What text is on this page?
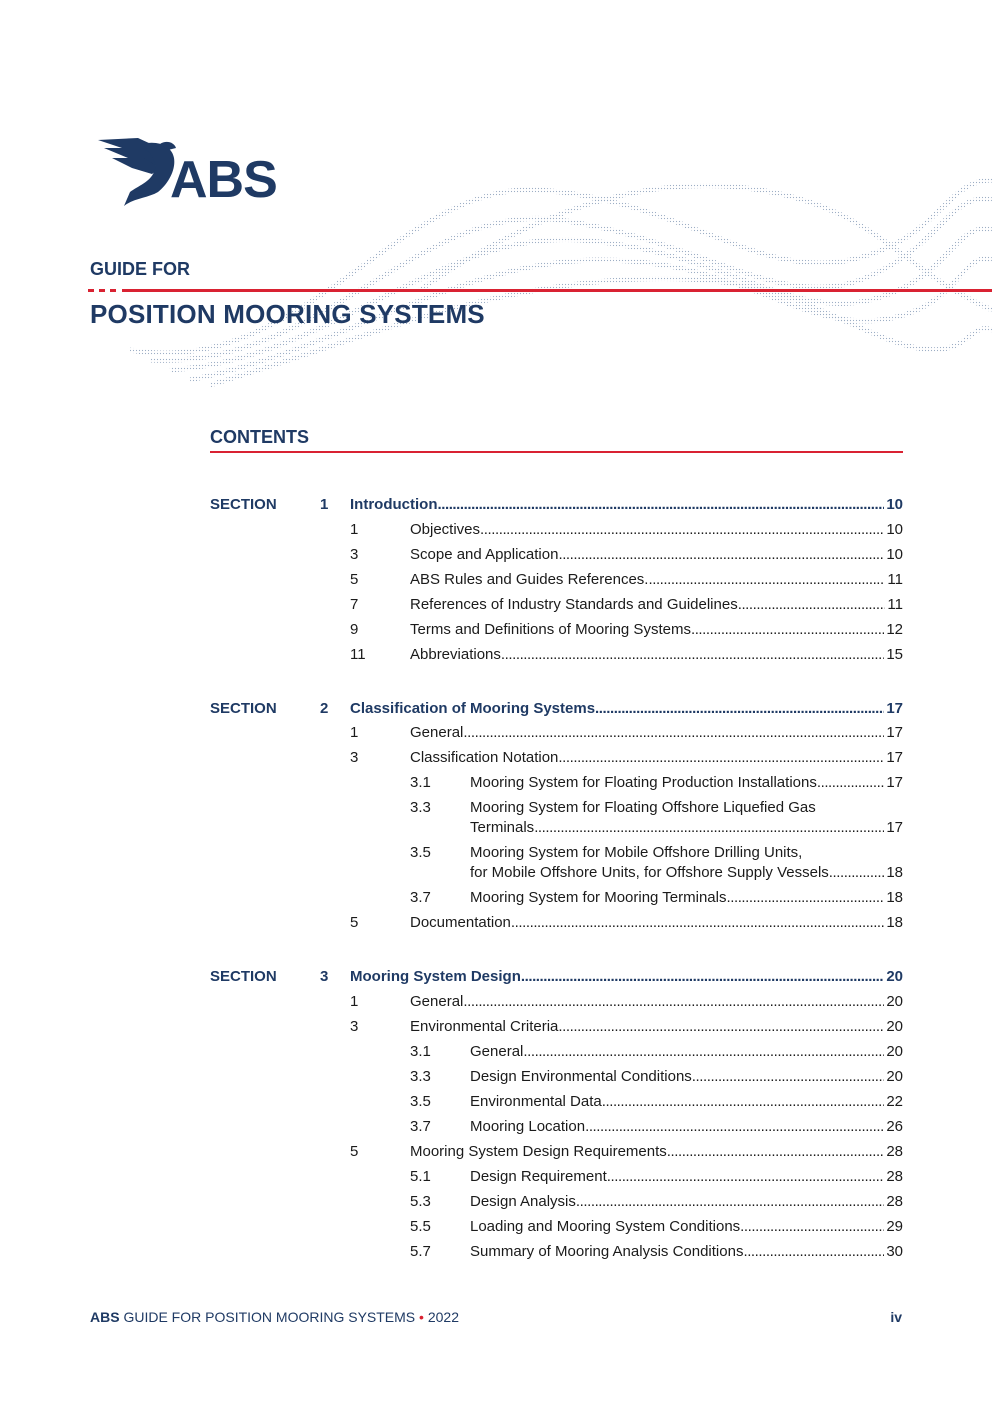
ABS
GUIDE FOR
POSITION MOORING SYSTEMS
CONTENTS
SECTION	1 Introduction . . .	10
1	Objectives . . .	10
3	Scope and Application . . .	10
5	ABS Rules and Guides References. . . .	11
7	References of Industry Standards and Guidelines . . .	11
9	Terms and Definitions of Mooring Systems . . .	12
11	Abbreviations . . .	15
SECTION	2 Classification of Mooring Systems . . .	17
1	General . . .	17
3	Classification Notation . . .	17
3.1	Mooring System for Floating Production Installations . . .	17
3.3	Mooring System for Floating Offshore Liquefied Gas
Terminals . . .	17
3.5	Mooring System for Mobile Offshore Drilling Units,
for Mobile Offshore Units, for Offshore Supply Vessels . . .	18
3.7	Mooring System for Mooring Terminals . . .	18
5	Documentation . . .	18
SECTION	3 Mooring System Design . . .	20
1	General . . .	20
3	Environmental Criteria . . .	20
3.1	General . . .	20
3.3	Design Environmental Conditions . . .	20
3.5	Environmental Data . . .	22
3.7	Mooring Location . . .	26
5	Mooring System Design Requirements . . .	28
5.1	Design Requirement . . .	28
5.3	Design Analysis . . .	28
5.5	Loading and Mooring System Conditions . . .	29
5.7	Summary of Mooring Analysis Conditions . . .	30
ABS GUIDE FOR POSITION MOORING SYSTEMS • 2022	iv
